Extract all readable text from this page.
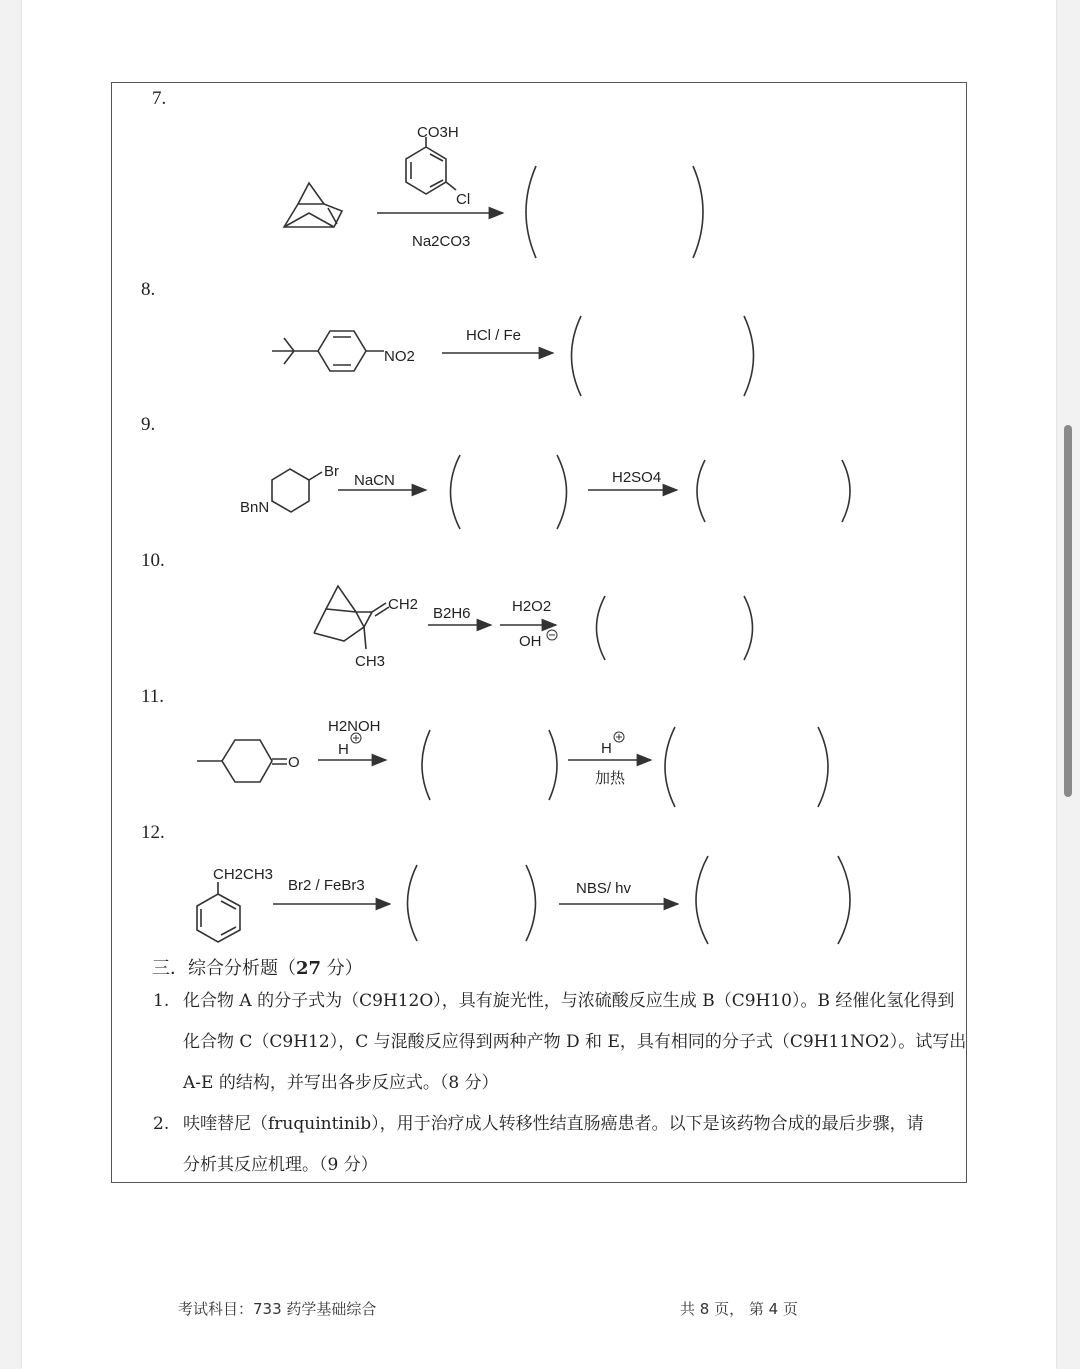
7.
8.
9.
10.
11.
12.
CO3H
Cl
Na2CO3
NO2
HCl / Fe
Br
BnN
NaCN	H2SO4
CH2
CH3
B2H6	H2O2
OH
O
H2NOH
H	H
加热
CH2CH3
Br2 / FeBr3	NBS/ hv
三．综合分析题（27 分）
1. 化合物 A 的分子式为（C9H12O），具有旋光性，与浓硫酸反应生成 B（C9H10）。B 经催化氢化得到
化合物 C（C9H12），C 与混酸反应得到两种产物 D 和 E，具有相同的分子式（C9H11NO2）。试写出
A-E 的结构，并写出各步反应式。（8 分）
2. 呋喹替尼（fruquintinib），用于治疗成人转移性结直肠癌患者。以下是该药物合成的最后步骤，请
分析其反应机理。（9 分）
考试科目：733 药学基础综合	共 8 页， 第 4 页
